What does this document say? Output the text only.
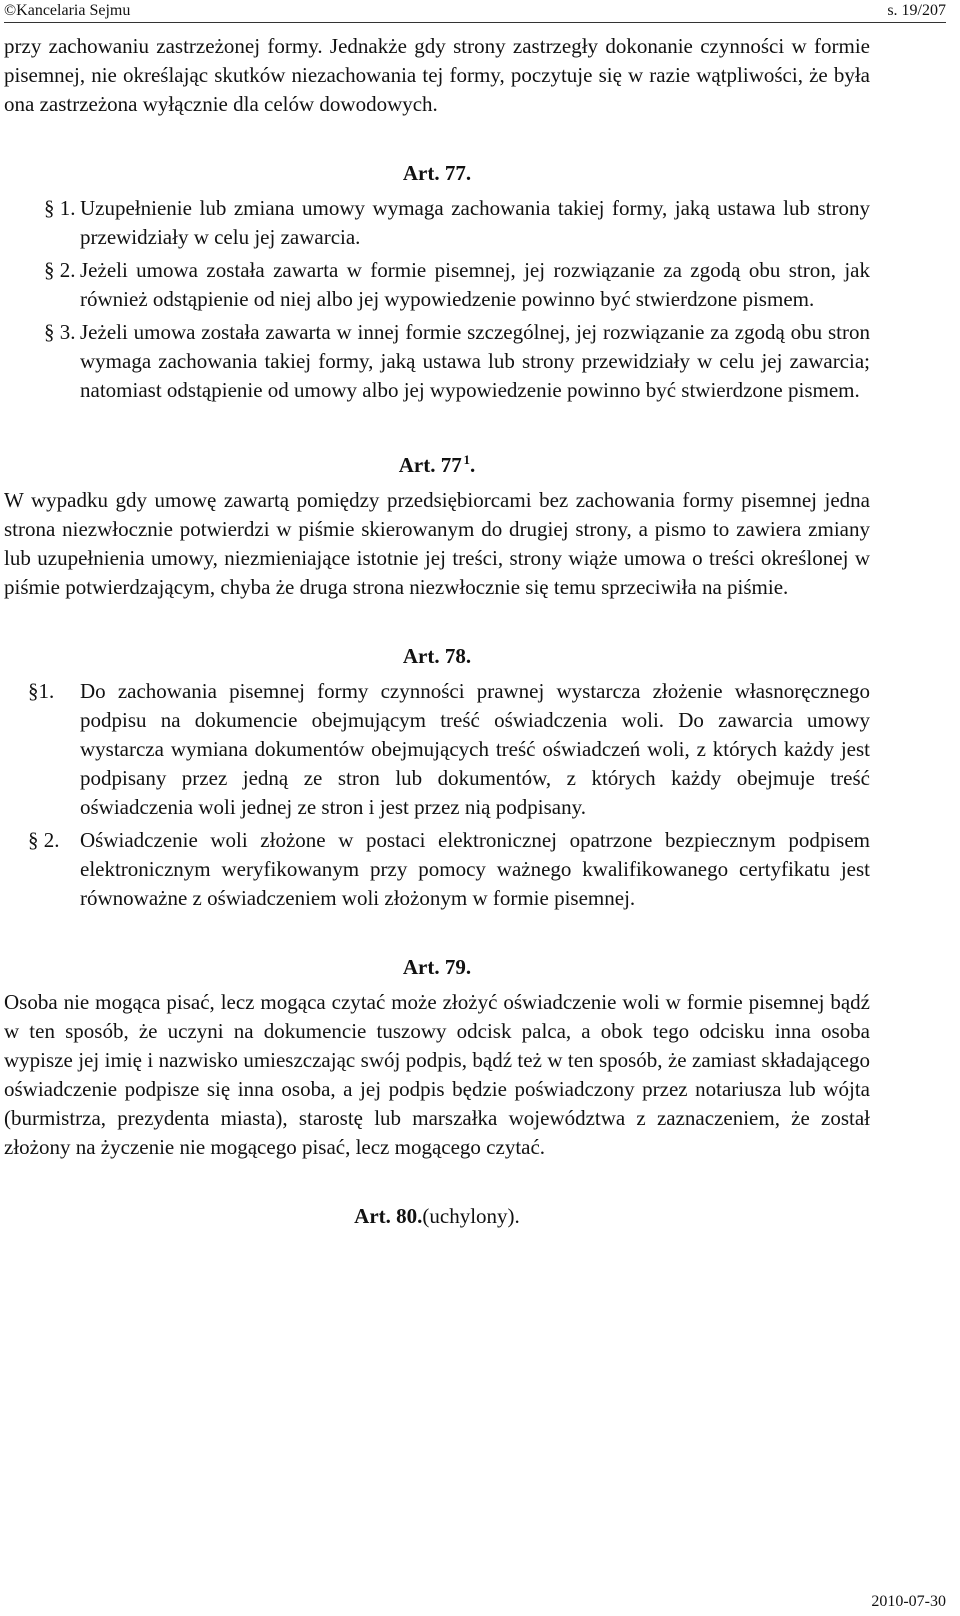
©Kancelaria Sejmu	s. 19/207

przy zachowaniu zastrzeżonej formy. Jednakże gdy strony zastrzegły dokonanie czynności w formie pisemnej, nie określając skutków niezachowania tej formy, poczytuje się w razie wątpliwości, że była ona zastrzeżona wyłącznie dla celów dowodowych.

Art. 77.
§ 1. Uzupełnienie lub zmiana umowy wymaga zachowania takiej formy, jaką ustawa lub strony przewidziały w celu jej zawarcia.
§ 2. Jeżeli umowa została zawarta w formie pisemnej, jej rozwiązanie za zgodą obu stron, jak również odstąpienie od niej albo jej wypowiedzenie powinno być stwierdzone pismem.
§ 3. Jeżeli umowa została zawarta w innej formie szczególnej, jej rozwiązanie za zgodą obu stron wymaga zachowania takiej formy, jaką ustawa lub strony przewidziały w celu jej zawarcia; natomiast odstąpienie od umowy albo jej wypowiedzenie powinno być stwierdzone pismem.
Art. 77  $^1$.

W wypadku gdy umowę zawartą pomiędzy przedsiębiorcami bez zachowania formy pisemnej jedna strona niezwłocznie potwierdzi w piśmie skierowanym do drugiej strony, a pismo to zawiera zmiany lub uzupełnienia umowy, niezmieniające istotnie jej treści, strony wiąże umowa o treści określonej w piśmie potwierdzającym, chyba że druga strona niezwłocznie się temu sprzeciwiła na piśmie.

Art. 78.
§1. Do zachowania pisemnej formy czynności prawnej wystarcza złożenie własnoręcznego podpisu na dokumencie obejmującym treść oświadczenia woli. Do zawarcia umowy wystarcza wymiana dokumentów obejmujących treść oświadczeń woli, z których każdy jest podpisany przez jedną ze stron lub dokumentów, z których każdy obejmuje treść oświadczenia woli jednej ze stron i jest przez nią podpisany.
§ 2. Oświadczenie woli złożone w postaci elektronicznej opatrzone bezpiecznym podpisem elektronicznym weryfikowanym przy pomocy ważnego kwalifikowanego certyfikatu jest równoważne z oświadczeniem woli złożonym w formie pisemnej.
Art. 79.

Osoba nie mogąca pisać, lecz mogąca czytać może złożyć oświadczenie woli w formie pisemnej bądź w ten sposób, że uczyni na dokumencie tuszowy odcisk palca, a obok tego odcisku inna osoba wypisze jej imię i nazwisko umieszczając swój podpis, bądź też w ten sposób, że zamiast składającego oświadczenie podpisze się inna osoba, a jej podpis będzie poświadczony przez notariusza lub wójta (burmistrza, prezydenta miasta), starostę lub marszałka województwa z zaznaczeniem, że został złożony na życzenie nie mogącego pisać, lecz mogącego czytać.

Art. 80.(uchylony).
2010-07-30
